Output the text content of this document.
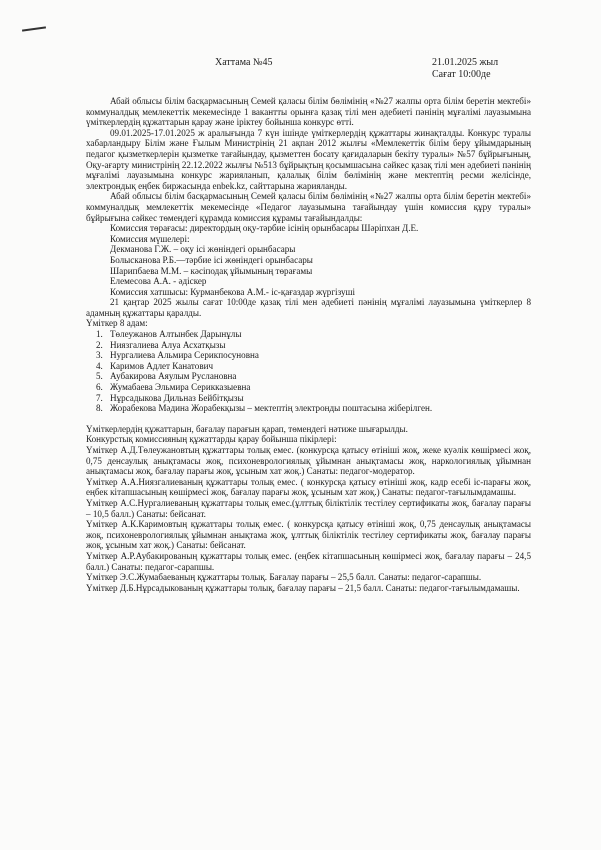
Хаттама №45	21.01.2025 жыл
Сағат 10:00де

Абай облысы білім басқармасының Семей қаласы білім бөлімінің «№27 жалпы орта білім беретін мектебі» коммуналдық мемлекеттік мекемесінде 1 вакантты орынға қазақ тілі мен әдебиеті пәнінің мұғалімі лауазымына үміткерлердің құжаттарын қарау және іріктеу бойынша конкурс өтті.

09.01.2025-17.01.2025 ж аралығында 7 күн ішінде үміткерлердің құжаттары жинақталды. Конкурс туралы хабарландыру Білім және Ғылым Министрінің 21 ақпан 2012 жылғы «Мемлекеттік білім беру ұйымдарының педагог қызметкерлерін қызметке тағайындау, қызметтен босату қағидаларын бекіту туралы» №57 бұйрығының, Оқу-ағарту министрінің 22.12.2022 жылғы №513 бұйрықтың қосымшасына сәйкес қазақ тілі мен әдебиеті пәнінің мұғалімі лауазымына конкурс жарияланып, қалалық білім бөлімінің және мектептің ресми желісінде, электрондық еңбек биржасында enbek.kz, сайттарына жарияланды.

Абай облысы білім басқармасының Семей қаласы білім бөлімінің «№27 жалпы орта білім беретін мектебі» коммуналдық мемлекеттік мекемесінде «Педагог лауазымына тағайындау үшін комиссия құру туралы» бұйрығына сәйкес төмендегі құрамда комиссия құрамы тағайындалды:

Комиссия төрағасы: директордың оқу-тәрбие ісінің орынбасары Шәріпхан Д.Е.

Комиссия мүшелері:

Декманова Г.Ж. – оқу ісі жөніндегі орынбасары

Болысканова Р.Б.—тәрбие ісі жөніндегі орынбасары

Шарипбаева М.М. – кәсіподақ ұйымының төрағамы

Елемесова А.А. - әдіскер

Комиссия хатшысы: Курманбекова А.М.- іс-қағаздар жүргізуші

21 қаңтар 2025 жылы сағат 10:00де қазақ тілі мен әдебиеті пәнінің мұғалімі лауазымына үміткерлер 8 адамның құжаттары қаралды.

Үміткер 8 адам:

1. Төлеужанов Алтынбек Дарынұлы
2. Ниязгалиева Алуа Асхатқызы
3. Нургалиева Альмира Серикпосуновна
4. Каримов Адлет Канатович
5. Аубакирова Аяулым Руслановна
6. Жумабаева Эльмира Серикказыевна
7. Нұрсадыкова Дильназ Бейбітқызы
8. Жорабекова Мәдина Жорабекқызы – мектептің электронды поштасына жіберілген.

Үміткерлердің құжаттарын, бағалау парағын қарап, төмендегі нәтиже шығарылды.

Конкурстық комиссияның құжаттарды қарау бойынша пікірлері:

Үміткер А.Д.Төлеужановтың құжаттары толық емес. (конкурсқа қатысу өтініші жоқ, жеке куәлік көшірмесі жоқ, 0,75 денсаулық анықтамасы жоқ, психоневрологиялық ұйымнан анықтамасы жоқ, наркологиялық ұйымнан анықтамасы жоқ, бағалау парағы жоқ, ұсыным хат жоқ.) Санаты: педагог-модератор.

Үміткер А.А.Ниязгалиеваның құжаттары толық емес. ( конкурсқа қатысу өтініші жоқ, кадр есебі іс-парағы жоқ, еңбек кітапшасының көшірмесі жоқ, бағалау парағы жоқ, ұсыным хат жоқ.) Санаты: педагог-тағылымдамашы.

Үміткер А.С.Нургалиеваның құжаттары толық емес.(ұлттық біліктілік тестілеу сертификаты жоқ, бағалау парағы – 10,5 балл.) Санаты: бейсанат.

Үміткер А.К.Каримовтың құжаттары толық емес. ( конкурсқа қатысу өтініші жоқ, 0,75 денсаулық анықтамасы жоқ, психоневрологиялық ұйымнан анықтама жоқ, ұлттық біліктілік тестілеу сертификаты жоқ, бағалау парағы жоқ, ұсыным хат жоқ.) Санаты: бейсанат.

Үміткер А.Р.Аубакированың құжаттары толық емес. (еңбек кітапшасының көшірмесі жоқ, бағалау парағы – 24,5 балл.) Санаты: педагог-сарапшы.

Үміткер Э.С.Жумабаеваның құжаттары толық. Бағалау парағы – 25,5 балл. Санаты: педагог-сарапшы.

Үміткер Д.Б.Нұрсадыкованың құжаттары толық, бағалау парағы – 21,5 балл. Санаты: педагог-тағылымдамашы.
